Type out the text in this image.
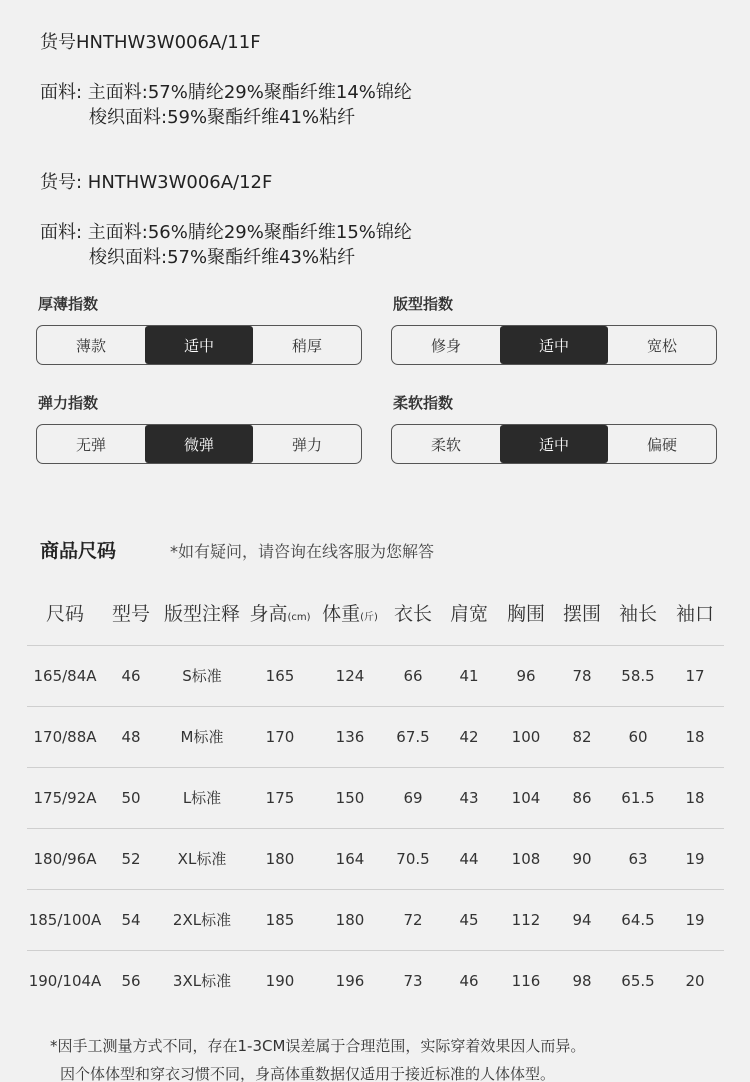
货号HNTHW3W006A/11F
面料: 主面料:57%腈纶29%聚酯纤维14%锦纶
梭织面料:59%聚酯纤维41%粘纤
货号: HNTHW3W006A/12F
面料: 主面料:56%腈纶29%聚酯纤维15%锦纶
梭织面料:57%聚酯纤维43%粘纤
厚薄指数
薄款	适中	稍厚
版型指数
修身	适中	宽松
弹力指数
无弹	微弹	弹力
柔软指数
柔软	适中	偏硬
商品尺码	*如有疑问，请咨询在线客服为您解答
尺码 型号 版型注释 身高(cm) 体重(斤) 衣长 肩宽 胸围 摆围 袖长 袖口
165/84A 46	S标准	165	124	66 41	96 78 58.5 17
170/88A 48	M标准	170	136 67.5 42 100 82 60	18
175/92A 50	L标准	175	150	69 43 104 86 61.5 18
180/96A 52 XL标准	180	164 70.5 44 108 90 63	19
185/100A 54 2XL标准 185	180	72 45 112 94 64.5 19
190/104A 56 3XL标准 190	196	73 46 116 98 65.5 20
*因手工测量方式不同，存在1-3CM误差属于合理范围，实际穿着效果因人而异。
因个体体型和穿衣习惯不同，身高体重数据仅适用于接近标准的人体体型。
